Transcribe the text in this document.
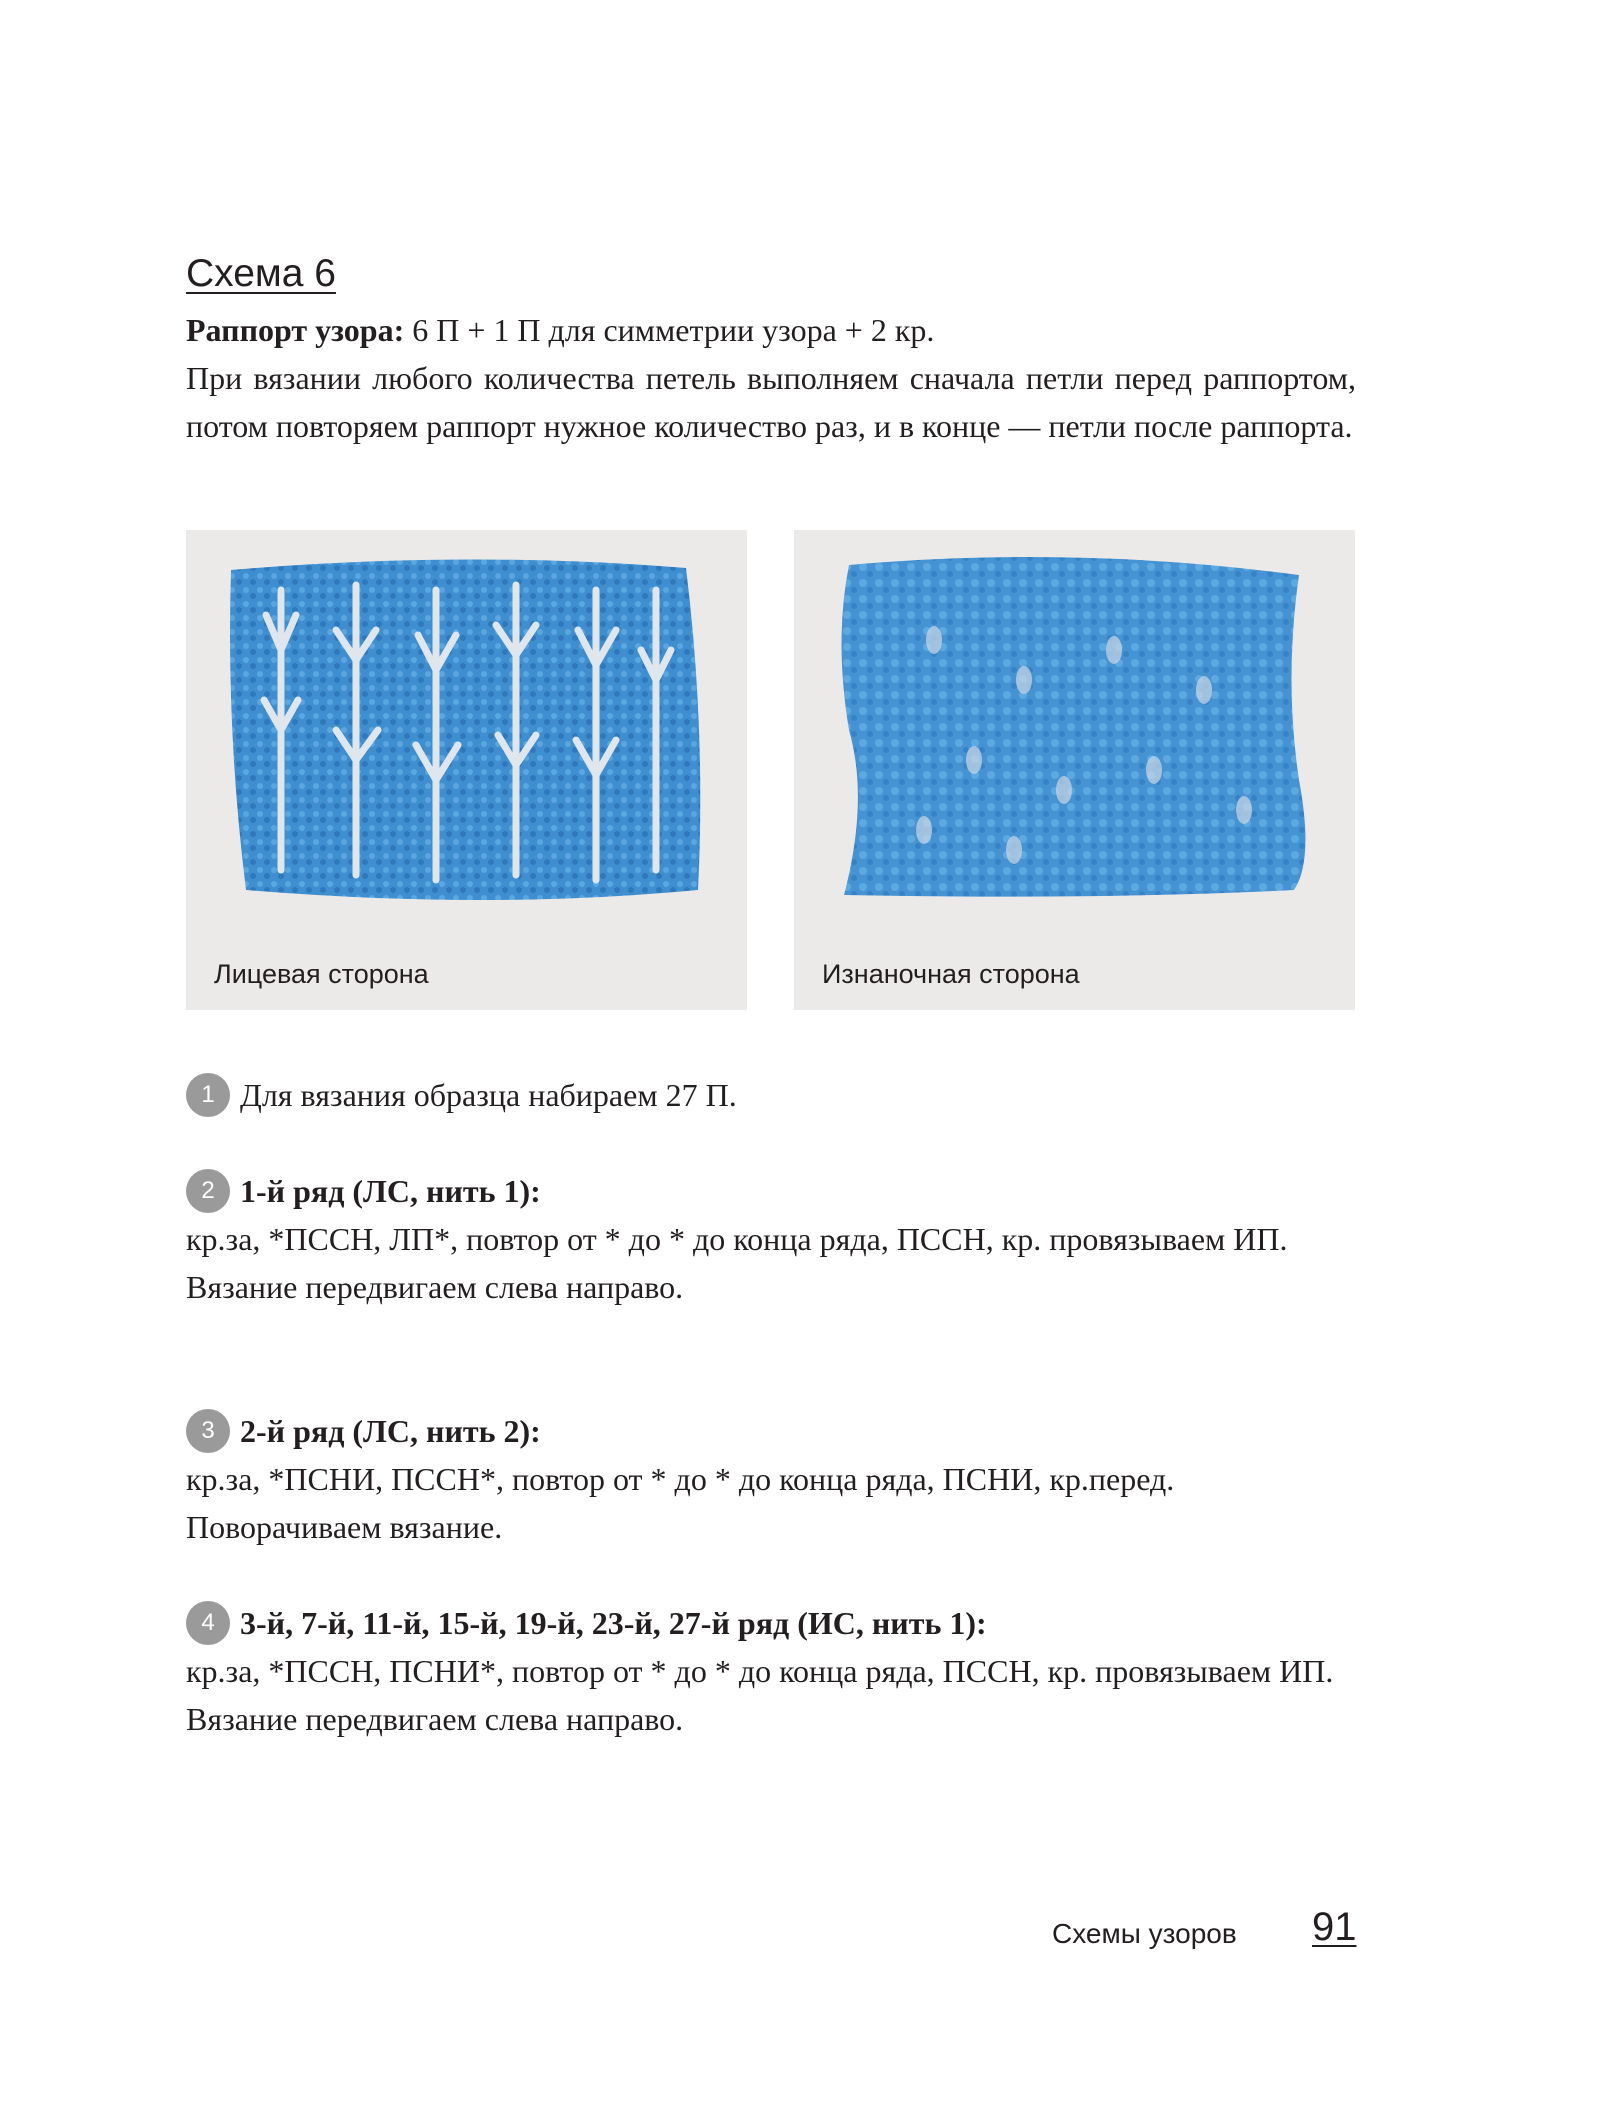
Схема 6
Раппорт узора: 6 П + 1 П для симметрии узора + 2 кр.
При вязании любого количества петель выполняем сначала петли перед раппортом, потом повторяем раппорт нужное количество раз, и в конце — петли после раппорта.
Лицевая сторона	Изнаночная сторона
1 Для вязания образца набираем 27 П.
2 1-й ряд (ЛС, нить 1):

кр.за, *ПССН, ЛП*, повтор от * до * до конца ряда, ПССН, кр. провязываем ИП.

Вязание передвигаем слева направо.

3 2-й ряд (ЛС, нить 2):

кр.за, *ПСНИ, ПССН*, повтор от * до * до конца ряда, ПСНИ, кр.перед.

Поворачиваем вязание.

4 3-й, 7-й, 11-й, 15-й, 19-й, 23-й, 27-й ряд (ИС, нить 1):

кр.за, *ПССН, ПСНИ*, повтор от * до * до конца ряда, ПССН, кр. провязываем ИП.

Вязание передвигаем слева направо.

Схемы узоров 91
